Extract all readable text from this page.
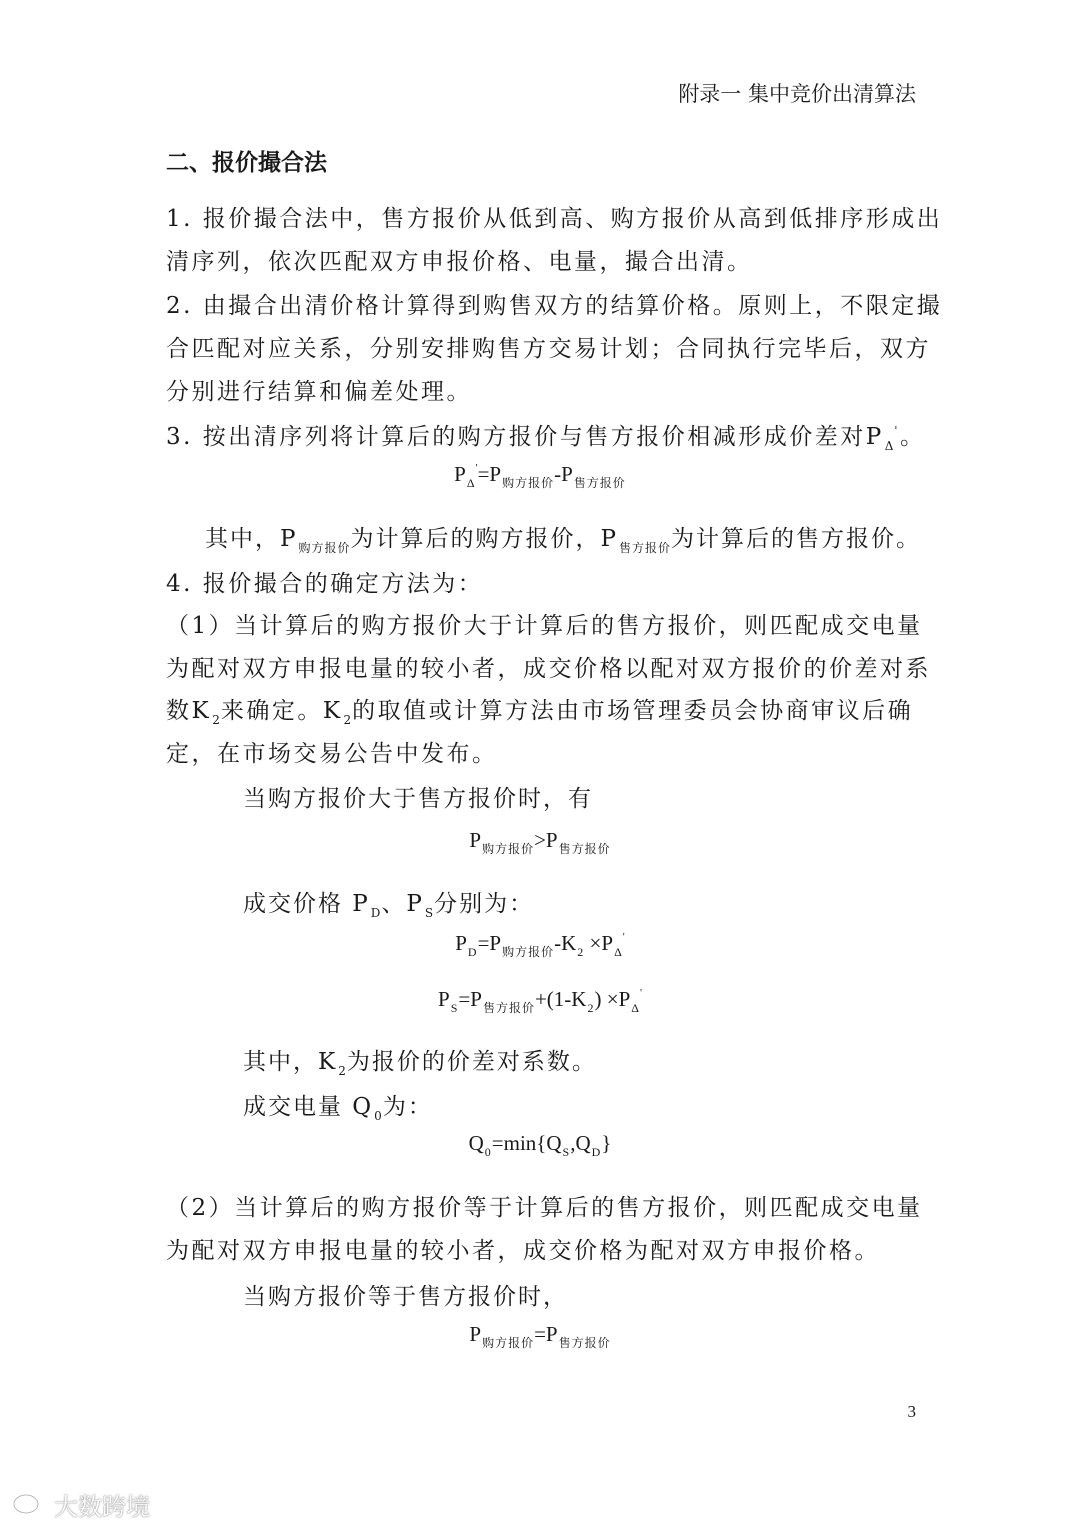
附录一 集中竞价出清算法
二、报价撮合法
1. 报价撮合法中，售方报价从低到高、购方报价从高到低排序形成出
清序列，依次匹配双方申报价格、电量，撮合出清。
2. 由撮合出清价格计算得到购售双方的结算价格。原则上，不限定撮
合匹配对应关系，分别安排购售方交易计划；合同执行完毕后，双方
分别进行结算和偏差处理。
3. 按出清序列将计算后的购方报价与售方报价相减形成价差对$P_\Delta'$。
$P_\Delta'=P_{购方报价}-P_{售方报价}$
其中，$P_{购方报价}$为计算后的购方报价，$P_{售方报价}$为计算后的售方报价。
4. 报价撮合的确定方法为：
（1）当计算后的购方报价大于计算后的售方报价，则匹配成交电量
为配对双方申报电量的较小者，成交价格以配对双方报价的价差对系
数$K_2$来确定。$K_2$的取值或计算方法由市场管理委员会协商审议后确
定，在市场交易公告中发布。
当购方报价大于售方报价时，有
$P_{购方报价}>P_{售方报价}$
成交价格 $P_D$、$P_S$分别为：
$P_D=P_{购方报价}-K_2 \times P_\Delta'$
$P_S=P_{售方报价}+(1-K_2) \times P_\Delta'$
其中，$K_2$为报价的价差对系数。
成交电量 $Q_0$为：
$Q_0=\min\{Q_S,Q_D\}$
（2）当计算后的购方报价等于计算后的售方报价，则匹配成交电量
为配对双方申报电量的较小者，成交价格为配对双方申报价格。
当购方报价等于售方报价时，
$P_{购方报价}=P_{售方报价}$
3
大数跨境
